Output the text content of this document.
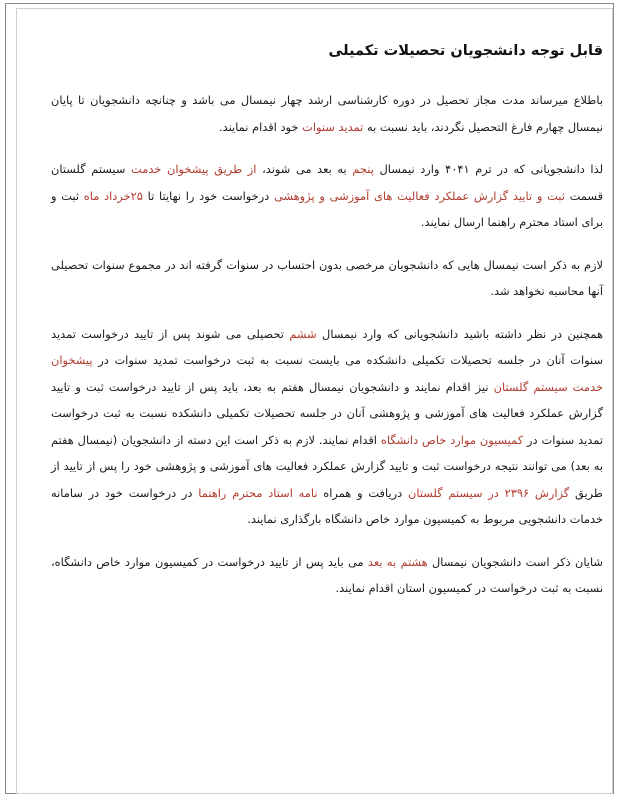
قابل توجه دانشجویان تحصیلات تکمیلی

باطلاع میرساند مدت مجاز تحصیل در دوره کارشناسی ارشد چهار نیمسال می باشد و چنانچه دانشجویان تا پایان نیمسال چهارم فارغ التحصیل نگردند، باید نسبت به تمدید سنوات خود اقدام نمایند.

لذا دانشجویانی که در ترم ۴۰۴۱ وارد نیمسال پنجم به بعد می شوند، از طریق پیشخوان خدمت سیستم گلستان قسمت ثبت و تایید گزارش عملکرد فعالیت های آموزشی و پژوهشی درخواست خود را نهایتا تا ۲۵خرداد ماه ثبت و برای استاد محترم راهنما ارسال نمایند.

لازم به ذکر است نیمسال هایی که دانشجویان مرخصی بدون احتساب در سنوات گرفته اند در مجموع سنوات تحصیلی آنها محاسبه نخواهد شد.

همچنین در نظر داشته باشید دانشجویانی که وارد نیمسال ششم تحصیلی می شوند پس از تایید درخواست تمدید سنوات آنان در جلسه تحصیلات تکمیلی دانشکده می بایست نسبت به ثبت درخواست تمدید سنوات در پیشخوان خدمت سیستم گلستان نیز اقدام نمایند و دانشجویان نیمسال هفتم به بعد، باید پس از تایید درخواست ثبت و تایید گزارش عملکرد فعالیت های آموزشی و پژوهشی آنان در جلسه تحصیلات تکمیلی دانشکده نسبت به ثبت درخواست تمدید سنوات در کمیسیون موارد خاص دانشگاه اقدام نمایند. لازم به ذکر است این دسته از دانشجویان (نیمسال هفتم به بعد) می توانند نتیجه درخواست ثبت و تایید گزارش عملکرد فعالیت های آموزشی و پژوهشی خود را پس از تایید از طریق گزارش ۲۳۹۶ در سیستم گلستان دریافت و همراه نامه استاد محترم راهنما در درخواست خود در سامانه خدمات دانشجویی مربوط به کمیسیون موارد خاص دانشگاه بارگذاری نمایند.

شایان ذکر است دانشجویان نیمسال هشتم به بعد می باید پس از تایید درخواست در کمیسیون موارد خاص دانشگاه، نسبت به ثبت درخواست در کمیسیون استان اقدام نمایند.
